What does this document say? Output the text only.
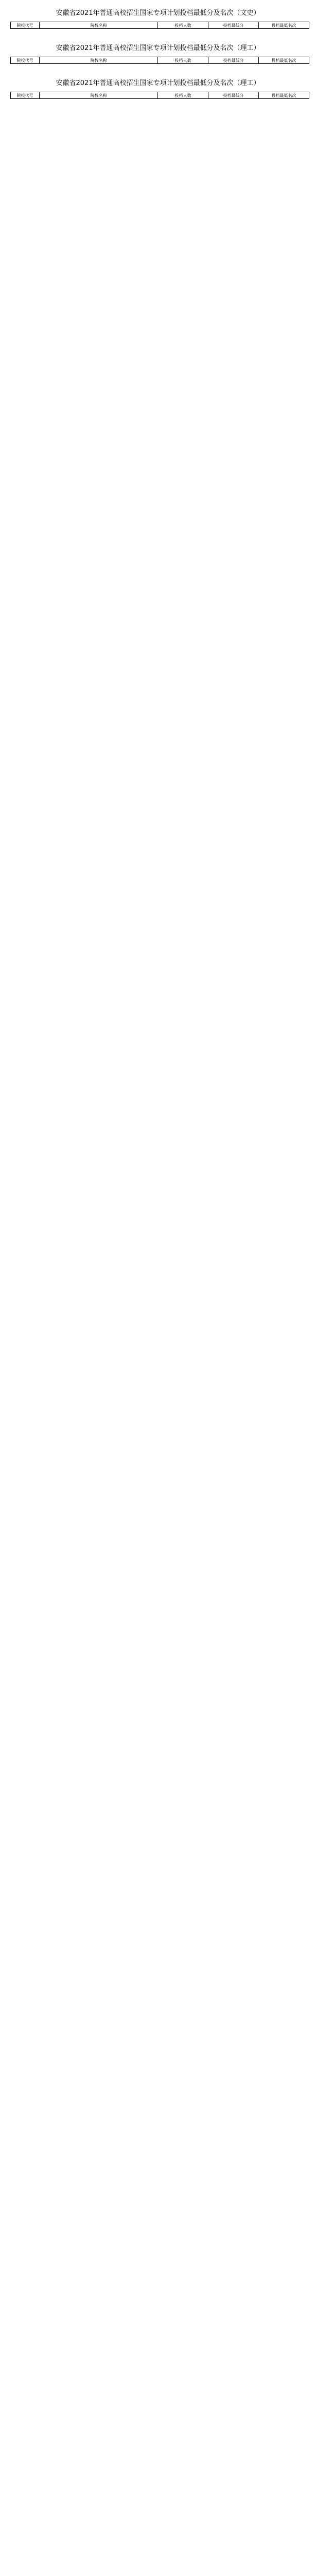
安徽省2021年普通高校招生国家专项计划投档最低分及名次（文史）
院校代号	院校名称	投档人数	投档最低分	投档最低名次
安徽省2021年普通高校招生国家专项计划投档最低分及名次（理工）
院校代号	院校名称	投档人数	投档最低分	投档最低名次
安徽省2021年普通高校招生国家专项计划投档最低分及名次（理工）
院校代号	院校名称	投档人数	投档最低分	投档最低名次
